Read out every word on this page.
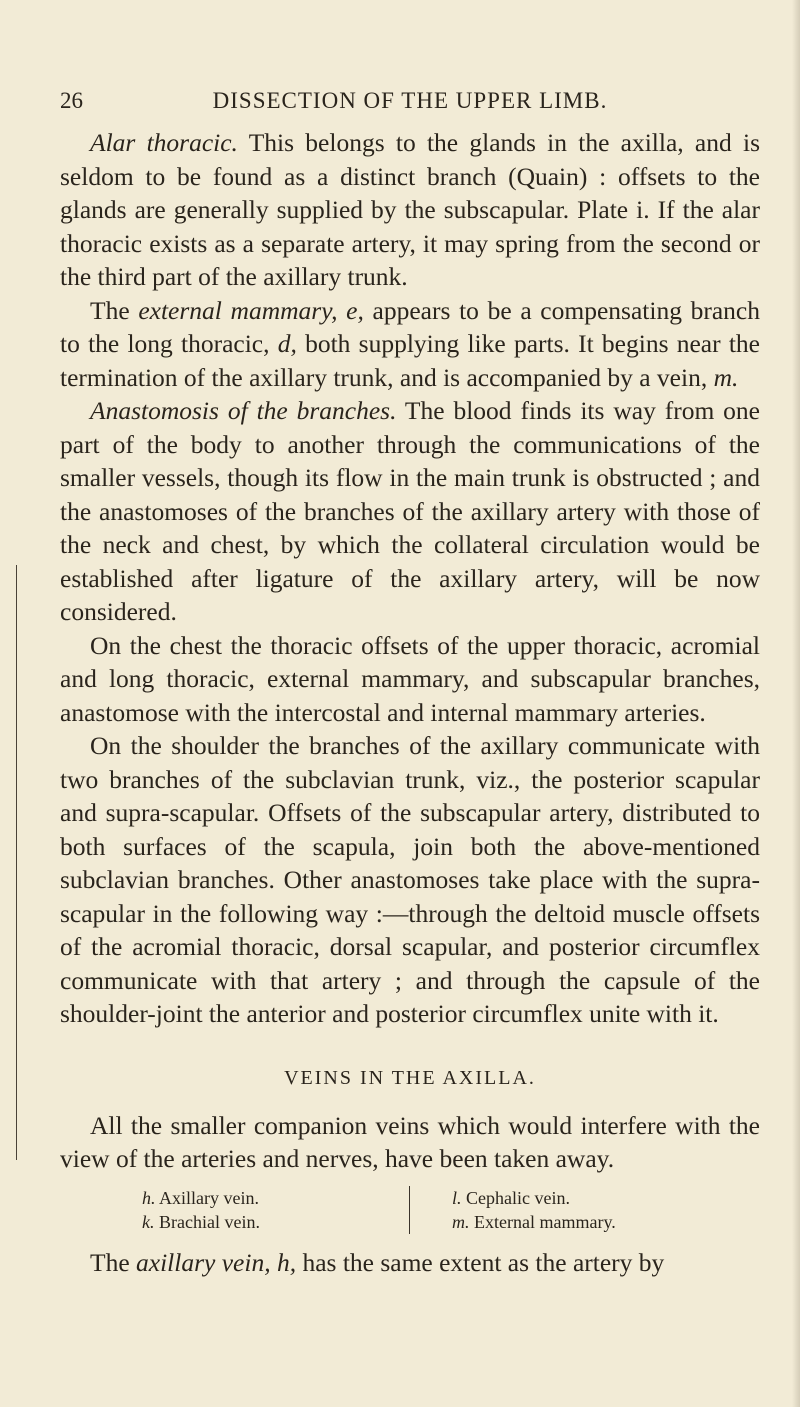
26	DISSECTION OF THE UPPER LIMB.

Alar thoracic. This belongs to the glands in the axilla, and is seldom to be found as a distinct branch (Quain) : offsets to the glands are generally supplied by the subscapular. Plate i. If the alar thoracic exists as a separate artery, it may spring from the second or the third part of the axillary trunk.

The external mammary, e, appears to be a compensating branch to the long thoracic, d, both supplying like parts. It begins near the termination of the axillary trunk, and is accompanied by a vein, m.

Anastomosis of the branches. The blood finds its way from one part of the body to another through the communications of the smaller vessels, though its flow in the main trunk is obstructed ; and the anastomoses of the branches of the axillary artery with those of the neck and chest, by which the collateral circulation would be established after ligature of the axillary artery, will be now considered.

On the chest the thoracic offsets of the upper thoracic, acromial and long thoracic, external mammary, and subscapular branches, anastomose with the intercostal and internal mammary arteries.

On the shoulder the branches of the axillary communicate with two branches of the subclavian trunk, viz., the posterior scapular and supra-scapular. Offsets of the subscapular artery, distributed to both surfaces of the scapula, join both the above-mentioned subclavian branches. Other anastomoses take place with the supra-scapular in the following way :—through the deltoid muscle offsets of the acromial thoracic, dorsal scapular, and posterior circumflex communicate with that artery ; and through the capsule of the shoulder-joint the anterior and posterior circumflex unite with it.

VEINS IN THE AXILLA.

All the smaller companion veins which would interfere with the view of the arteries and nerves, have been taken away.

h. Axillary vein.
k. Brachial vein.
l. Cephalic vein.
m. External mammary.

The axillary vein, h, has the same extent as the artery by
